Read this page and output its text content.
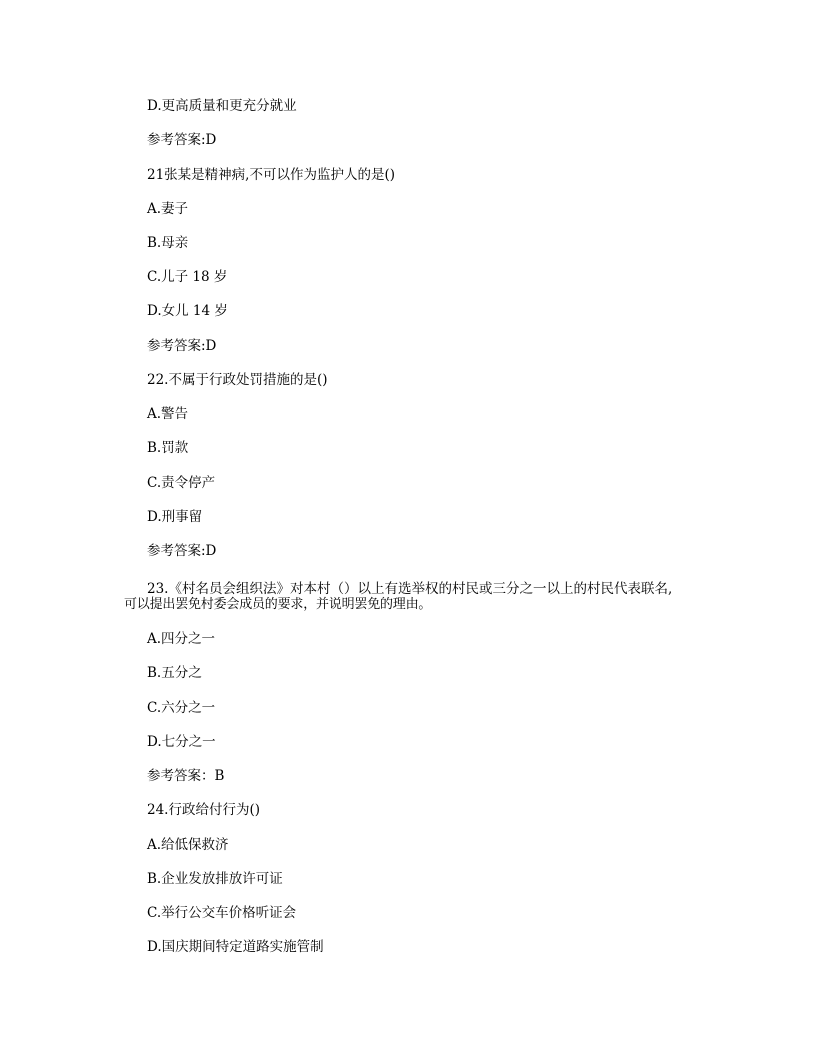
D.更高质量和更充分就业

参考答案:D

21张某是精神病,不可以作为监护人的是()

A.妻子

B.母亲

C.儿子 18 岁

D.女儿 14 岁

参考答案:D

22.不属于行政处罚措施的是()

A.警告

B.罚款

C.责令停产

D.刑事留

参考答案:D

23.《村名员会组织法》对本村（）以上有选举权的村民或三分之一以上的村民代表联名,

可以提出罢免村委会成员的要求，并说明罢免的理由。

A.四分之一

B.五分之

C.六分之一

D.七分之一

参考答案：B

24.行政给付行为()

A.给低保救济

B.企业发放排放许可证

C.举行公交车价格听证会

D.国庆期间特定道路实施管制
